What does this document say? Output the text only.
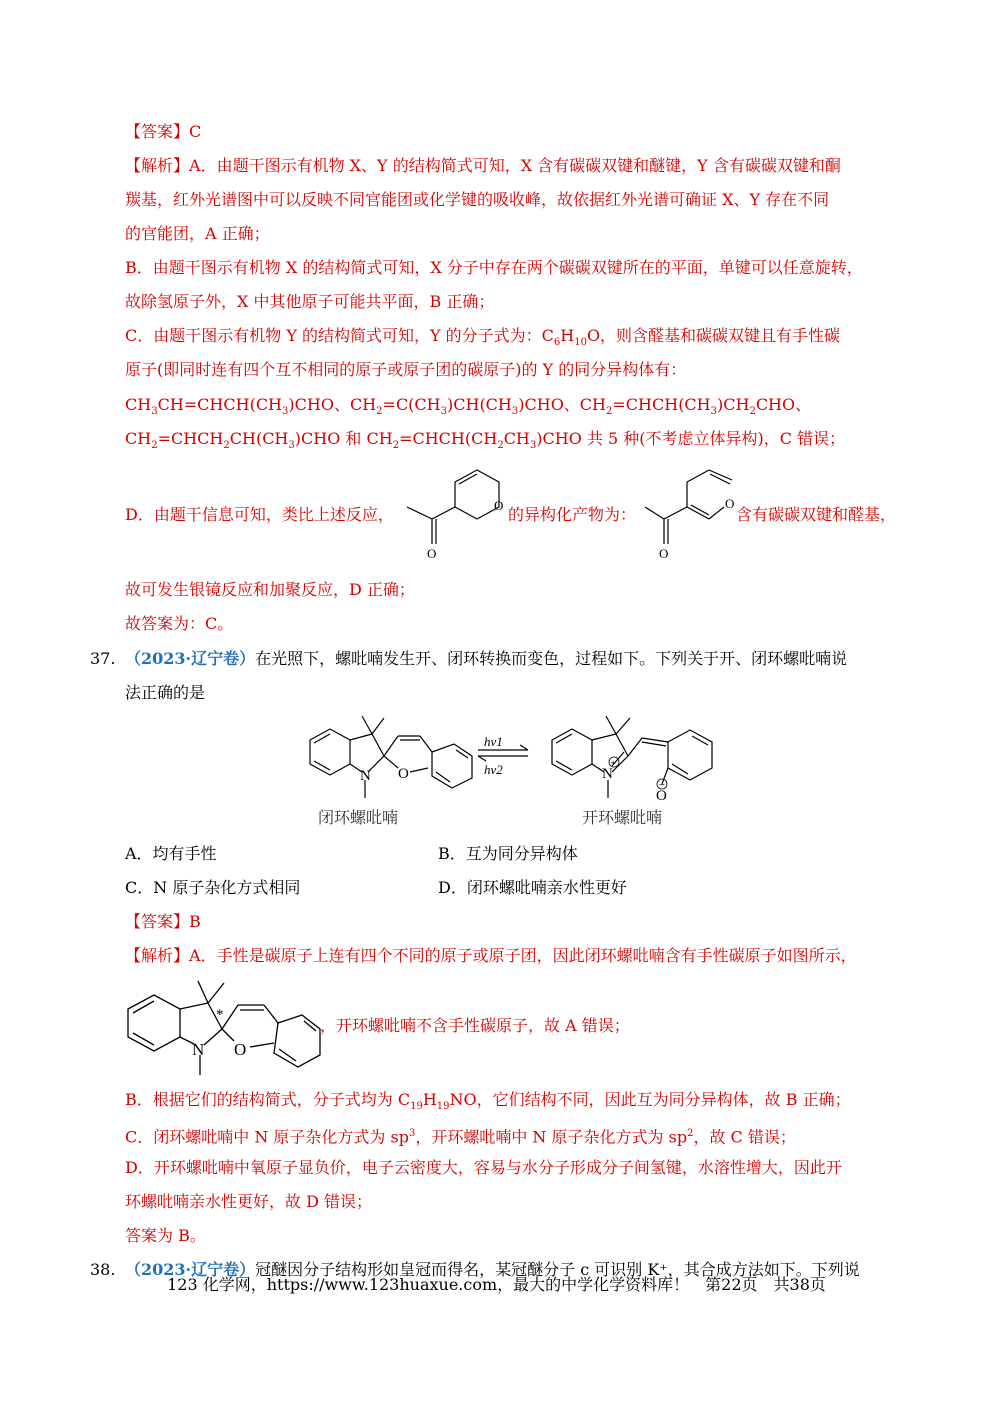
【答案】C
【解析】A．由题干图示有机物 X、Y 的结构简式可知，X 含有碳碳双键和醚键，Y 含有碳碳双键和酮
羰基，红外光谱图中可以反映不同官能团或化学键的吸收峰，故依据红外光谱可确证 X、Y 存在不同
的官能团，A 正确；
B．由题干图示有机物 X 的结构简式可知，X 分子中存在两个碳碳双键所在的平面，单键可以任意旋转，
故除氢原子外，X 中其他原子可能共平面，B 正确；
C．由题干图示有机物 Y 的结构简式可知，Y 的分子式为：$C_6H_{10}O$，则含醛基和碳碳双键且有手性碳
原子(即同时连有四个互不相同的原子或原子团的碳原子)的 Y 的同分异构体有：
$CH_3CH=CHCH(CH_3)CHO$、$CH_2=C(CH_3)CH(CH_3)CHO$、$CH_2=CHCH(CH_3)CH_2CHO$、
$CH_2=CHCH_2CH(CH_3)CHO$ 和 $CH_2=CHCH(CH_2CH_3)CHO$ 共 5 种(不考虑立体异构)，C 错误；
D．由题干信息可知，类比上述反应，	O
O
的异构化产物为：
O
O
含有碳碳双键和醛基，
故可发生银镜反应和加聚反应，D 正确；
故答案为：C。
37. （2023·辽宁卷）在光照下，螺吡喃发生开、闭环转换而变色，过程如下。下列关于开、闭环螺吡喃说
法正确的是
N O	N
+
O
−
hv1
hv2
闭环螺吡喃	开环螺吡喃
A．均有手性	B．互为同分异构体
C．N 原子杂化方式相同	D．闭环螺吡喃亲水性更好
【答案】B
【解析】A．手性是碳原子上连有四个不同的原子或原子团，因此闭环螺吡喃含有手性碳原子如图所示，
N O
*
，开环螺吡喃不含手性碳原子，故 A 错误；
B．根据它们的结构简式，分子式均为 $C_{19}H_{19}NO$，它们结构不同，因此互为同分异构体，故 B 正确；
C．闭环螺吡喃中 N 原子杂化方式为 $sp^3$，开环螺吡喃中 N 原子杂化方式为 $sp^2$，故 C 错误；
D．开环螺吡喃中氧原子显负价，电子云密度大，容易与水分子形成分子间氢键，水溶性增大，因此开
环螺吡喃亲水性更好，故 D 错误；
答案为 B。
38. （2023·辽宁卷）冠醚因分子结构形如皇冠而得名，某冠醚分子 c 可识别 K⁺，其合成方法如下。下列说
123 化学网，https://www.123huaxue.com，最大的中学化学资料库！　第22页　共38页
